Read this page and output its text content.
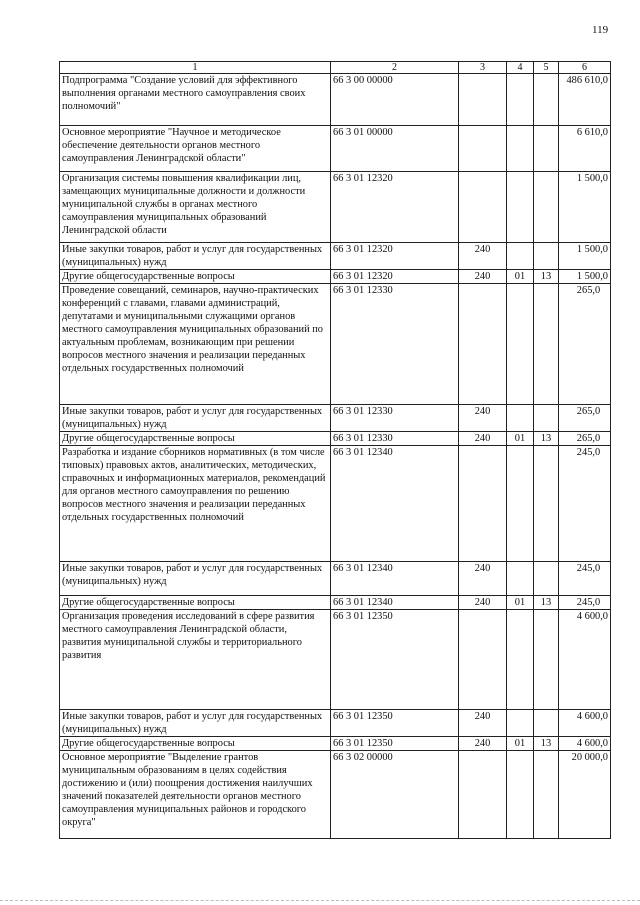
119
1	2	3	4	5	6
Подпрограмма "Создание условий для эффективного выполнения органами местного самоуправления своих полномочий"	66 3 00 00000				486 610,0
Основное мероприятие "Научное и методическое обеспечение деятельности органов местного самоуправления Ленинградской области"	66 3 01 00000				6 610,0
Организация системы повышения квалификации лиц, замещающих муниципальные должности и должности муниципальной службы в органах местного самоуправления муниципальных образований Ленинградской области	66 3 01 12320				1 500,0
Иные закупки товаров, работ и услуг для государственных (муниципальных) нужд	66 3 01 12320	240			1 500,0
Другие общегосударственные вопросы	66 3 01 12320	240	01	13	1 500,0
Проведение совещаний, семинаров, научно-практических конференций с главами, главами администраций, депутатами и муниципальными служащими органов местного самоуправления муниципальных образований по актуальным проблемам, возникающим при решении вопросов местного значения и реализации переданных отдельных государственных полномочий	66 3 01 12330				265,0
Иные закупки товаров, работ и услуг для государственных (муниципальных) нужд	66 3 01 12330	240			265,0
Другие общегосударственные вопросы	66 3 01 12330	240	01	13	265,0
Разработка и издание сборников нормативных (в том числе типовых) правовых актов, аналитических, методических, справочных и информационных материалов, рекомендаций для органов местного самоуправления по решению вопросов местного значения и реализации переданных отдельных государственных полномочий	66 3 01 12340				245,0
Иные закупки товаров, работ и услуг для государственных (муниципальных) нужд	66 3 01 12340	240			245,0
Другие общегосударственные вопросы	66 3 01 12340	240	01	13	245,0
Организация проведения исследований в сфере развития местного самоуправления Ленинградской области, развития муниципальной службы и территориального развития	66 3 01 12350				4 600,0
Иные закупки товаров, работ и услуг для государственных (муниципальных) нужд	66 3 01 12350	240			4 600,0
Другие общегосударственные вопросы	66 3 01 12350	240	01	13	4 600,0
Основное мероприятие "Выделение грантов муниципальным образованиям в целях содействия достижению и (или) поощрения достижения наилучших значений показателей деятельности органов местного самоуправления муниципальных районов и городского округа"	66 3 02 00000				20 000,0
